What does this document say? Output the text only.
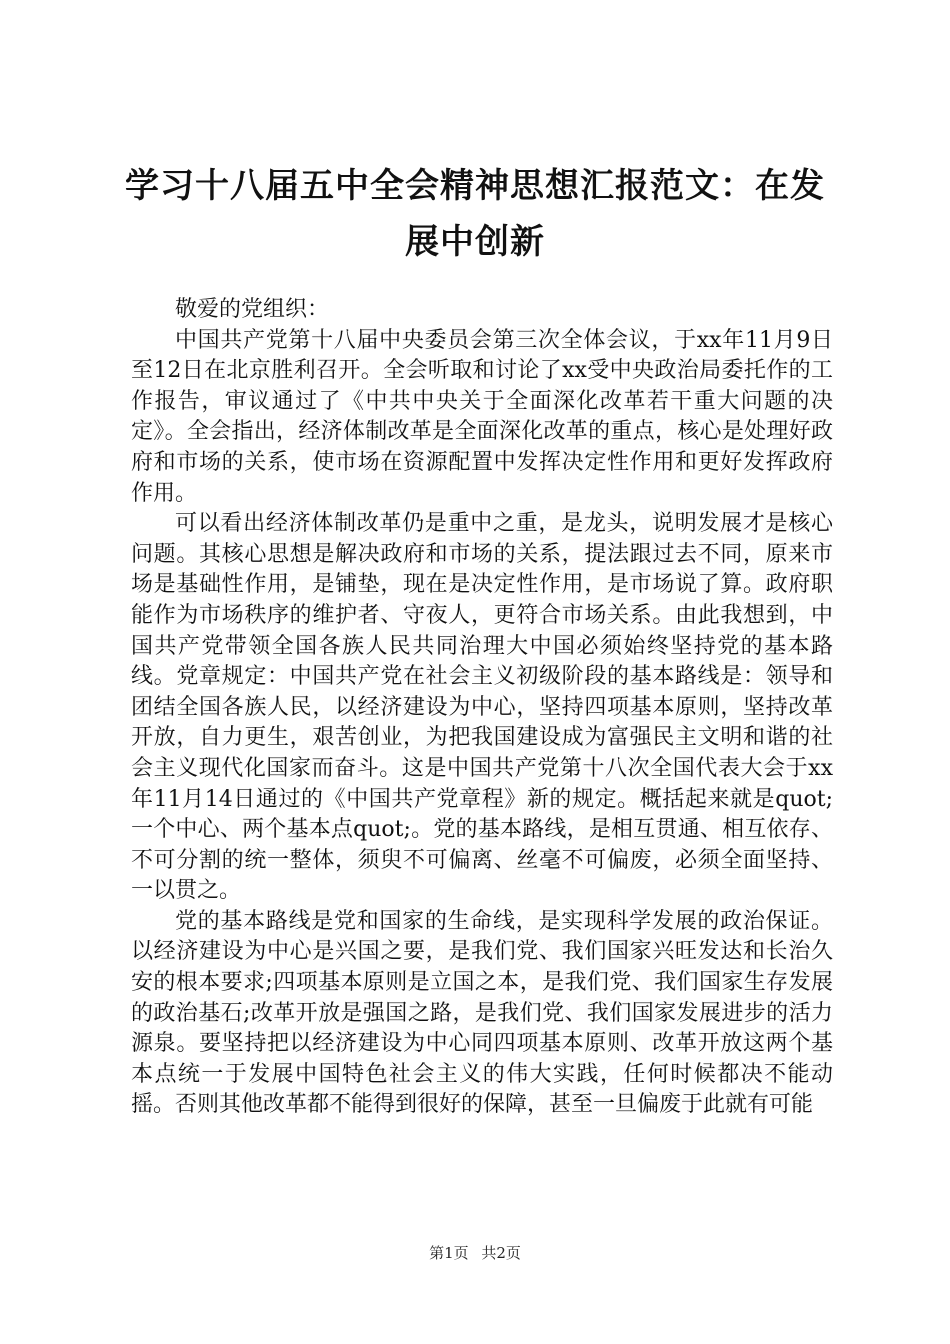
学习十八届五中全会精神思想汇报范文：在发展中创新

敬爱的党组织：

中国共产党第十八届中央委员会第三次全体会议，于xx年11月9日至12日在北京胜利召开。全会听取和讨论了xx受中央政治局委托作的工作报告，审议通过了《中共中央关于全面深化改革若干重大问题的决定》。全会指出，经济体制改革是全面深化改革的重点，核心是处理好政府和市场的关系，使市场在资源配置中发挥决定性作用和更好发挥政府作用。

可以看出经济体制改革仍是重中之重，是龙头，说明发展才是核心问题。其核心思想是解决政府和市场的关系，提法跟过去不同，原来市场是基础性作用，是铺垫，现在是决定性作用，是市场说了算。政府职能作为市场秩序的维护者、守夜人，更符合市场关系。由此我想到，中国共产党带领全国各族人民共同治理大中国必须始终坚持党的基本路线。党章规定：中国共产党在社会主义初级阶段的基本路线是：领导和团结全国各族人民，以经济建设为中心，坚持四项基本原则，坚持改革开放，自力更生，艰苦创业，为把我国建设成为富强民主文明和谐的社会主义现代化国家而奋斗。这是中国共产党第十八次全国代表大会于xx年11月14日通过的《中国共产党章程》新的规定。概括起来就是quot;一个中心、两个基本点quot;。党的基本路线，是相互贯通、相互依存、不可分割的统一整体，须臾不可偏离、丝毫不可偏废，必须全面坚持、一以贯之。

党的基本路线是党和国家的生命线，是实现科学发展的政治保证。以经济建设为中心是兴国之要，是我们党、我们国家兴旺发达和长治久安的根本要求;四项基本原则是立国之本，是我们党、我们国家生存发展的政治基石;改革开放是强国之路，是我们党、我们国家发展进步的活力源泉。要坚持把以经济建设为中心同四项基本原则、改革开放这两个基本点统一于发展中国特色社会主义的伟大实践，任何时候都决不能动摇。否则其他改革都不能得到很好的保障，甚至一旦偏废于此就有可能

第1页 共2页
